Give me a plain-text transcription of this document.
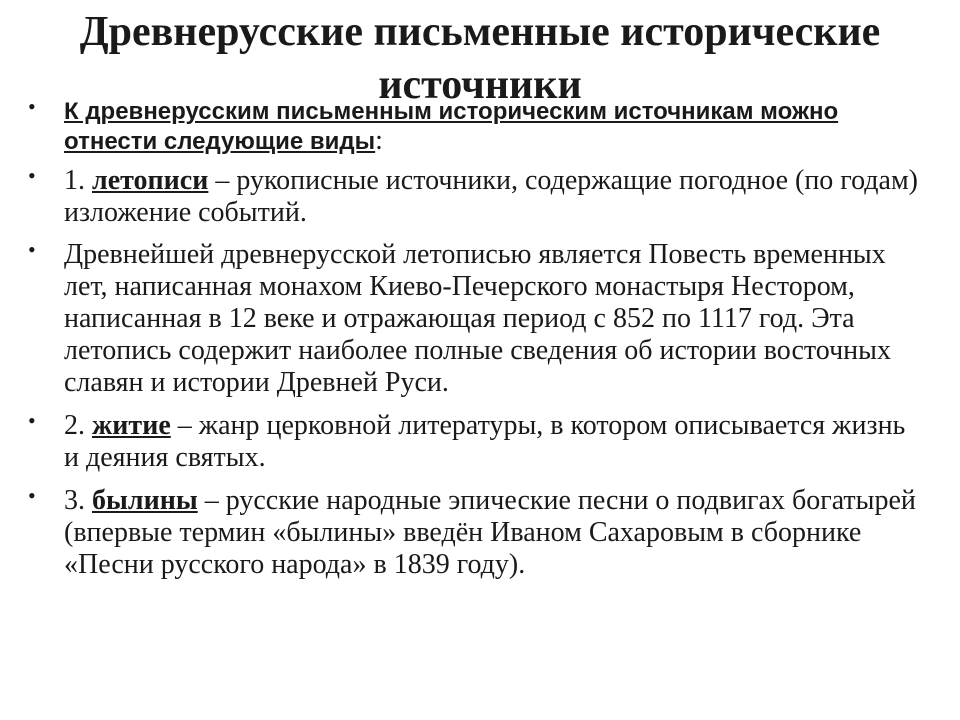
Древнерусские письменные исторические источники
• К древнерусским письменным историческим источникам можно отнести следующие виды:
• 1. летописи – рукописные источники, содержащие погодное (по годам) изложение событий.
• Древнейшей древнерусской летописью является Повесть временных лет, написанная монахом Киево-Печерского монастыря Нестором, написанная в 12 веке и отражающая период с 852 по 1117 год. Эта летопись содержит наиболее полные сведения об истории восточных славян и истории Древней Руси.
• 2. житие – жанр церковной литературы, в котором описывается жизнь и деяния святых.
• 3. былины – русские народные эпические песни о подвигах богатырей (впервые термин «былины» введён Иваном Сахаровым в сборнике «Песни русского народа» в 1839 году).
